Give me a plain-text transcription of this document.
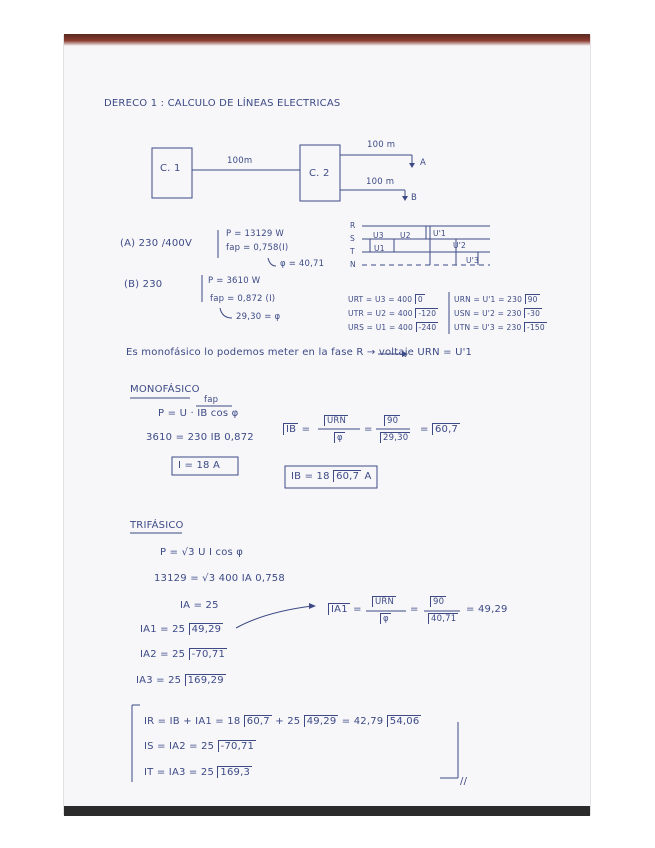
DERECO 1 : CALCULO DE LÍNEAS ELECTRICAS
C. 1	C. 2
100m
100 m
A
100 m
B
(A) 230 /400V
P = 13129 W
fap = 0,758(I)
φ = 40,71
R
S
T
N
U3 U2
U1
U'1
U'2
U'3
(B) 230	P = 3610 W
fap = 0,872 (I)
29,30 = φ
URT = U3 = 400 0
UTR = U2 = 400 -120
URS = U1 = 400 -240
URN = U'1 = 230 90
USN = U'2 = 230 -30
UTN = U'3 = 230 -150
Es monofásico lo podemos meter en la fase R → voltaje URN = U'1
MONOFÁSICO
fap
P = U · IB cos φ
3610 = 230 IB 0,872
I = 18 A
IB =
URN
φ
=
90
29,30
= 60,7
IB = 18 60,7 A
TRIFÁSICO
P = √3 U I cos φ
13129 = √3 400 IA 0,758
IA = 25
IA1 = 25 49,29
IA2 = 25 -70,71
IA3 = 25 169,29
IA1 =
URN
φ
=
90
40,71
= 49,29
IR = IB + IA1 = 18 60,7 + 25 49,29 = 42,79 54,06
IS = IA2 = 25 -70,71
IT = IA3 = 25 169,3
//
